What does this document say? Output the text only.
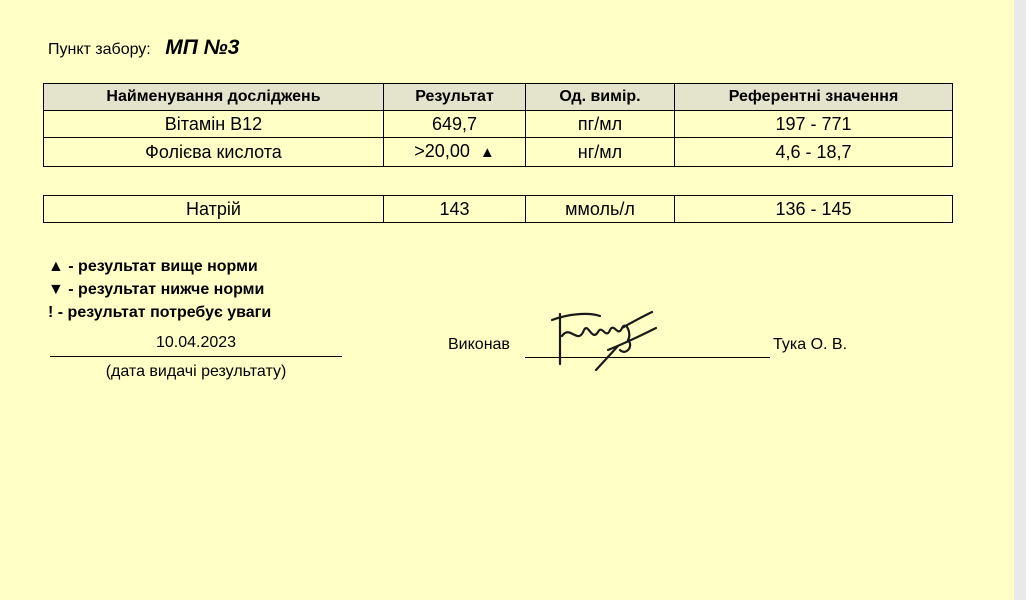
Пункт забору: МП №3
Найменування досліджень	Результат	Од. вимір.	Референтні значення
Вітамін В12	649,7	пг/мл	197 - 771
Фолієва кислота	>20,00 ▲	нг/мл	4,6 - 18,7
Натрій	143	ммоль/л	136 - 145
▲ - результат вище норми
▼ - результат нижче норми
! - результат потребує уваги
10.04.2023
(дата видачі результату)
Виконав	Тука О. В.
